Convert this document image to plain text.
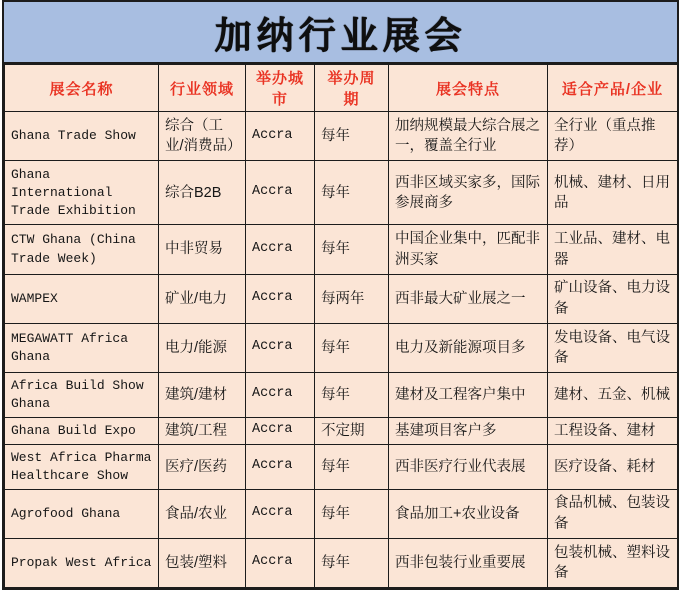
加纳行业展会
展会名称	行业领域	举办城市	举办周期	展会特点	适合产品/企业
Ghana Trade Show	综合（工业/消费品）	Accra	每年	加纳规模最大综合展之一，覆盖全行业	全行业（重点推荐）
Ghana International Trade Exhibition	综合B2B	Accra	每年	西非区域买家多，国际参展商多	机械、建材、日用品
CTW Ghana (China Trade Week)	中非贸易	Accra	每年	中国企业集中，匹配非洲买家	工业品、建材、电器
WAMPEX	矿业/电力	Accra	每两年	西非最大矿业展之一	矿山设备、电力设备
MEGAWATT Africa Ghana	电力/能源	Accra	每年	电力及新能源项目多	发电设备、电气设备
Africa Build Show Ghana	建筑/建材	Accra	每年	建材及工程客户集中	建材、五金、机械
Ghana Build Expo	建筑/工程	Accra	不定期	基建项目客户多	工程设备、建材
West Africa Pharma Healthcare Show	医疗/医药	Accra	每年	西非医疗行业代表展	医疗设备、耗材
Agrofood Ghana	食品/农业	Accra	每年	食品加工+农业设备	食品机械、包装设备
Propak West Africa	包装/塑料	Accra	每年	西非包装行业重要展	包装机械、塑料设备
